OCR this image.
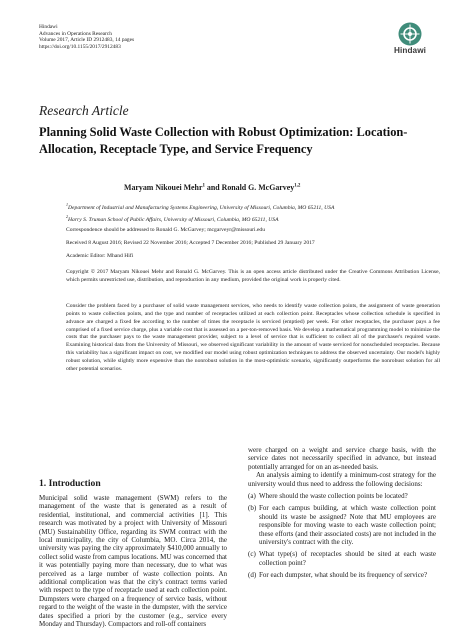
Hindawi
Advances in Operations Research
Volume 2017, Article ID 2912483, 14 pages
https://doi.org/10.1155/2017/2912483	Hindawi
Research Article
Planning Solid Waste Collection with Robust Optimization: Location-Allocation, Receptacle Type, and Service Frequency
Maryam Nikouei Mehr$^1$ and Ronald G. McGarvey$^{1,2}$
$^1$Department of Industrial and Manufacturing Systems Engineering, University of Missouri, Columbia, MO 65211, USA
$^2$Harry S. Truman School of Public Affairs, University of Missouri, Columbia, MO 65211, USA
Correspondence should be addressed to Ronald G. McGarvey; mcgarveyr@missouri.edu
Received 8 August 2016; Revised 22 November 2016; Accepted 7 December 2016; Published 29 January 2017
Academic Editor: Mhand Hifi

Copyright © 2017 Maryam Nikouei Mehr and Ronald G. McGarvey. This is an open access article distributed under the Creative Commons Attribution License, which permits unrestricted use, distribution, and reproduction in any medium, provided the original work is properly cited.

Consider the problem faced by a purchaser of solid waste management services, who needs to identify waste collection points, the assignment of waste generation points to waste collection points, and the type and number of receptacles utilized at each collection point. Receptacles whose collection schedule is specified in advance are charged a fixed fee according to the number of times the receptacle is serviced (emptied) per week. For other receptacles, the purchaser pays a fee comprised of a fixed service charge, plus a variable cost that is assessed on a per-ton-removed basis. We develop a mathematical programming model to minimize the costs that the purchaser pays to the waste management provider, subject to a level of service that is sufficient to collect all of the purchaser's required waste. Examining historical data from the University of Missouri, we observed significant variability in the amount of waste serviced for nonscheduled receptacles. Because this variability has a significant impact on cost, we modified our model using robust optimization techniques to address the observed uncertainty. Our model's highly robust solution, while slightly more expensive than the nonrobust solution in the most-optimistic scenario, significantly outperforms the nonrobust solution for all other potential scenarios.

1. Introduction

Municipal solid waste management (SWM) refers to the management of the waste that is generated as a result of residential, institutional, and commercial activities [1]. This research was motivated by a project with University of Missouri (MU) Sustainability Office, regarding its SWM contract with the local municipality, the city of Columbia, MO. Circa 2014, the university was paying the city approximately $410,000 annually to collect solid waste from campus locations. MU was concerned that it was potentially paying more than necessary, due to what was perceived as a large number of waste collection points. An additional complication was that the city's contract terms varied with respect to the type of receptacle used at each collection point. Dumpsters were charged on a frequency of service basis, without regard to the weight of the waste in the dumpster, with the service dates specified a priori by the customer (e.g., service every Monday and Thursday). Compactors and roll-off containers

were charged on a weight and service charge basis, with the service dates not necessarily specified in advance, but instead potentially arranged for on an as-needed basis.

An analysis aiming to identify a minimum-cost strategy for the university would thus need to address the following decisions:

(a) Where should the waste collection points be located?
(b) For each campus building, at which waste collection point should its waste be assigned? Note that MU employees are responsible for moving waste to each waste collection point; these efforts (and their associated costs) are not included in the university's contract with the city.
(c) What type(s) of receptacles should be sited at each waste collection point?
(d) For each dumpster, what should be its frequency of service?
